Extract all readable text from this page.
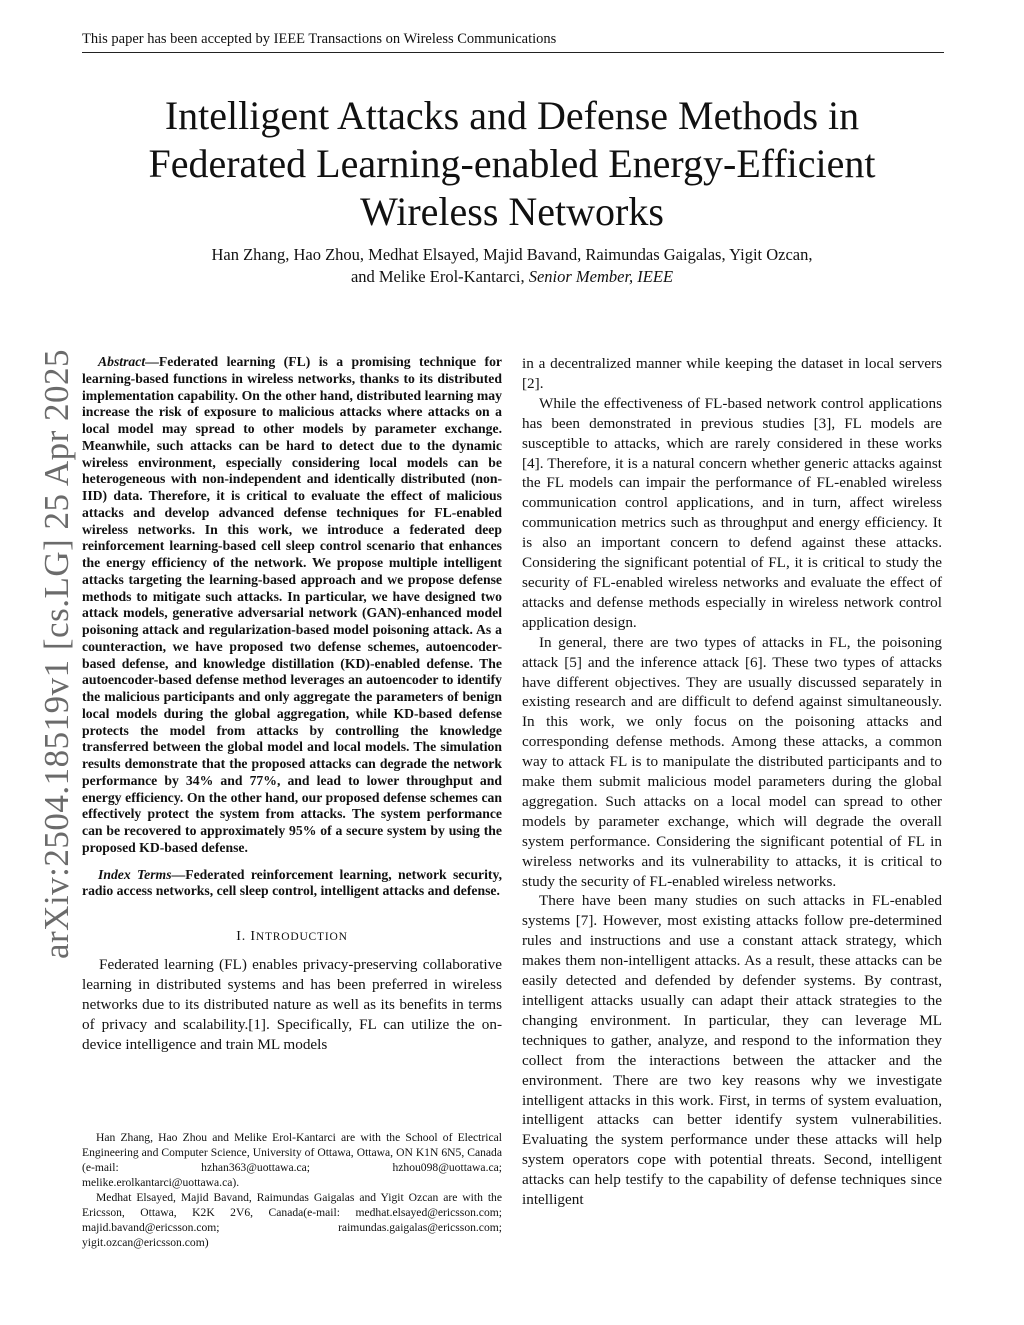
This paper has been accepted by IEEE Transactions on Wireless Communications
arXiv:2504.18519v1 [cs.LG] 25 Apr 2025
Intelligent Attacks and Defense Methods in
Federated Learning-enabled Energy-Efficient
Wireless Networks
Han Zhang, Hao Zhou, Medhat Elsayed, Majid Bavand, Raimundas Gaigalas, Yigit Ozcan,
and Melike Erol-Kantarci, Senior Member, IEEE

Abstract—Federated learning (FL) is a promising technique for learning-based functions in wireless networks, thanks to its distributed implementation capability. On the other hand, distributed learning may increase the risk of exposure to malicious attacks where attacks on a local model may spread to other models by parameter exchange. Meanwhile, such attacks can be hard to detect due to the dynamic wireless environment, especially considering local models can be heterogeneous with non-independent and identically distributed (non-IID) data. Therefore, it is critical to evaluate the effect of malicious attacks and develop advanced defense techniques for FL-enabled wireless networks. In this work, we introduce a federated deep reinforcement learning-based cell sleep control scenario that enhances the energy efficiency of the network. We propose multiple intelligent attacks targeting the learning-based approach and we propose defense methods to mitigate such attacks. In particular, we have designed two attack models, generative adversarial network (GAN)-enhanced model poisoning attack and regularization-based model poisoning attack. As a counteraction, we have proposed two defense schemes, autoencoder-based defense, and knowledge distillation (KD)-enabled defense. The autoencoder-based defense method leverages an autoencoder to identify the malicious participants and only aggregate the parameters of benign local models during the global aggregation, while KD-based defense protects the model from attacks by controlling the knowledge transferred between the global model and local models. The simulation results demonstrate that the proposed attacks can degrade the network performance by 34% and 77%, and lead to lower throughput and energy efficiency. On the other hand, our proposed defense schemes can effectively protect the system from attacks. The system performance can be recovered to approximately 95% of a secure system by using the proposed KD-based defense.

Index Terms—Federated reinforcement learning, network security, radio access networks, cell sleep control, intelligent attacks and defense.

I. INTRODUCTION

Federated learning (FL) enables privacy-preserving collaborative learning in distributed systems and has been preferred in wireless networks due to its distributed nature as well as its benefits in terms of privacy and scalability.[1]. Specifically, FL can utilize the on-device intelligence and train ML models

Han Zhang, Hao Zhou and Melike Erol-Kantarci are with the School of Electrical Engineering and Computer Science, University of Ottawa, Ottawa, ON K1N 6N5, Canada (e-mail: hzhan363@uottawa.ca; hzhou098@uottawa.ca; melike.erolkantarci@uottawa.ca).

Medhat Elsayed, Majid Bavand, Raimundas Gaigalas and Yigit Ozcan are with the Ericsson, Ottawa, K2K 2V6, Canada(e-mail: medhat.elsayed@ericsson.com; majid.bavand@ericsson.com; raimundas.gaigalas@ericsson.com; yigit.ozcan@ericsson.com)

in a decentralized manner while keeping the dataset in local servers [2].

While the effectiveness of FL-based network control applications has been demonstrated in previous studies [3], FL models are susceptible to attacks, which are rarely considered in these works [4]. Therefore, it is a natural concern whether generic attacks against the FL models can impair the performance of FL-enabled wireless communication control applications, and in turn, affect wireless communication metrics such as throughput and energy efficiency. It is also an important concern to defend against these attacks. Considering the significant potential of FL, it is critical to study the security of FL-enabled wireless networks and evaluate the effect of attacks and defense methods especially in wireless network control application design.

In general, there are two types of attacks in FL, the poisoning attack [5] and the inference attack [6]. These two types of attacks have different objectives. They are usually discussed separately in existing research and are difficult to defend against simultaneously. In this work, we only focus on the poisoning attacks and corresponding defense methods. Among these attacks, a common way to attack FL is to manipulate the distributed participants and to make them submit malicious model parameters during the global aggregation. Such attacks on a local model can spread to other models by parameter exchange, which will degrade the overall system performance. Considering the significant potential of FL in wireless networks and its vulnerability to attacks, it is critical to study the security of FL-enabled wireless networks.

There have been many studies on such attacks in FL-enabled systems [7]. However, most existing attacks follow pre-determined rules and instructions and use a constant attack strategy, which makes them non-intelligent attacks. As a result, these attacks can be easily detected and defended by defender systems. By contrast, intelligent attacks usually can adapt their attack strategies to the changing environment. In particular, they can leverage ML techniques to gather, analyze, and respond to the information they collect from the interactions between the attacker and the environment. There are two key reasons why we investigate intelligent attacks in this work. First, in terms of system evaluation, intelligent attacks can better identify system vulnerabilities. Evaluating the system performance under these attacks will help system operators cope with potential threats. Second, intelligent attacks can help testify to the capability of defense techniques since intelligent
